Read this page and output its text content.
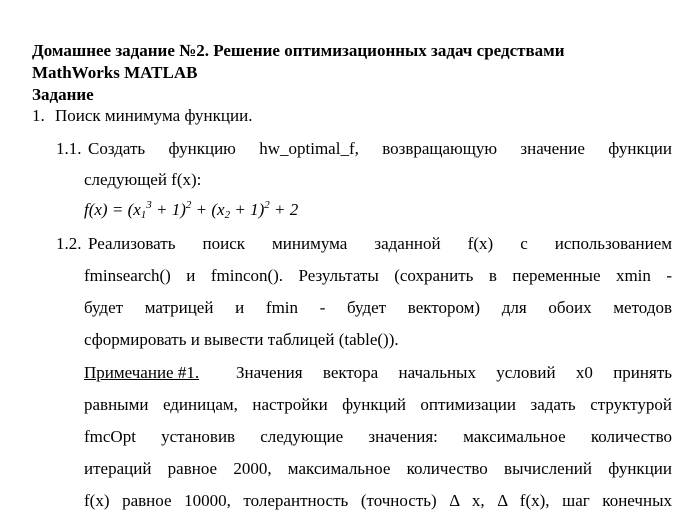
Домашнее задание №2. Решение оптимизационных задач средствами
MathWorks MATLAB
Задание
1. Поиск минимума функции.
1.1. Создать функцию hw_optimal_f, возвращающую значение функции
следующей f(x):
$f(x) = (x_1^3 + 1)^2 + (x_2 + 1)^2 + 2$
1.2. Реализовать поиск минимума заданной f(x) с использованием
fminsearch() и fmincon(). Результаты (сохранить в переменные xmin -
будет матрицей и fmin - будет вектором) для обоих методов
сформировать и вывести таблицей (table()).
Примечание #1. Значения вектора начальных условий x0 принять
равными единицам, настройки функций оптимизации задать структурой
fmcOpt установив следующие значения: максимальное количество
итераций равное 2000, максимальное количество вычислений функции
f(x) равное 10000, толерантность (точность) Δ x, Δ f(x), шаг конечных
